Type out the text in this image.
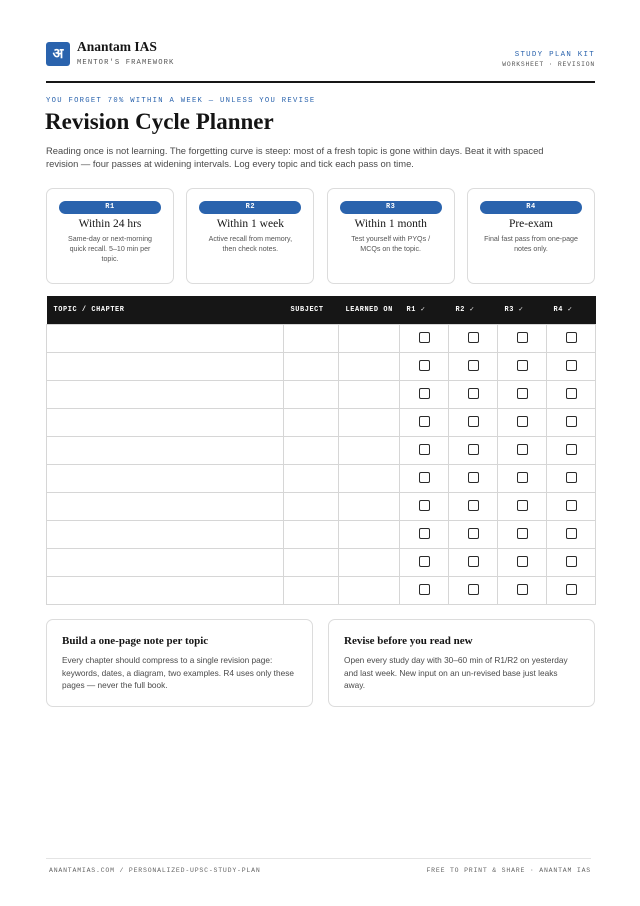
अ	Anantam IAS
MENTOR'S FRAMEWORK
STUDY PLAN KIT
WORKSHEET · REVISION
YOU FORGET 70% WITHIN A WEEK — UNLESS YOU REVISE
Revision Cycle Planner

Reading once is not learning. The forgetting curve is steep: most of a fresh topic is gone within days. Beat it with spaced revision — four passes at widening intervals. Log every topic and tick each pass on time.

R1
Within 24 hrs
Same-day or next-morning quick recall. 5–10 min per topic.
R2
Within 1 week
Active recall from memory, then check notes.
R3
Within 1 month
Test yourself with PYQs / MCQs on the topic.
R4
Pre-exam
Final fast pass from one-page notes only.
TOPIC / CHAPTER	SUBJECT	LEARNED ON	R1 ✓	R2 ✓	R3 ✓	R4 ✓

Build a one-page note per topic
Every chapter should compress to a single revision page: keywords, dates, a diagram, two examples. R4 uses only these pages — never the full book.
Revise before you read new
Open every study day with 30–60 min of R1/R2 on yesterday and last week. New input on an un-revised base just leaks away.
ANANTAMIAS.COM / PERSONALIZED-UPSC-STUDY-PLAN	FREE TO PRINT & SHARE · ANANTAM IAS
